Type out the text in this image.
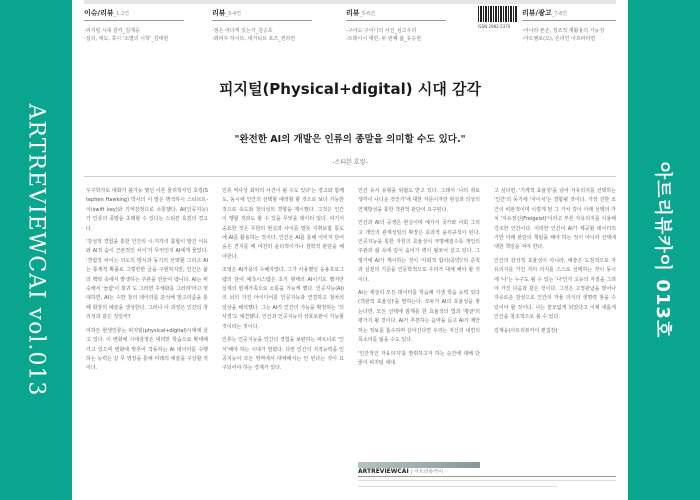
ARTREVIEWCAI vol.013	아트리뷰카이 013호
이슈/리뷰_1-2면
-피지털 시대 감각_김재웅
-설리, 애도, 혹시 '소멸의 시학'_김태현
리뷰_3-4면
-점은 여다게 있는가_김승호
-뫼비우 하이브, 네거티브 포즈_권하연
리뷰_5-6면
-구이도 구이디의 사진_심고우리
-트레이시 에민, 두 번째 삶_유승현
ISSN 2982-5370
리뷰/광고_7-8면
-어나라 폰손, 창조적 재활용의 가능성
-아트엠보(오), 온라인 아트파라면
피지털(Physical+digital) 시대 감각
"완전한 AI의 개발은 인류의 종말을 의미할 수도 있다."
-스티븐 호킹-

우주학자로 대화가 불가능 했던 이론 물리학자인 호킹(Stephen Hawking) 박사의 이 말은 명석하시 스티브트-이(swift key)와 기억감정으로 소통했다. AI(인공지능)가 인류의 종말을 초래할 수 있다는 스티븐 호킹의 경고다.

'강성적 경험을 통한 인간의 시·지각의 흡합이 말건 이유와 AI적 숨이 근본적인 차이'가 무엇인지 AI에게 물었다. '경험적 차이는 의도의 방식과 동기의 선택할 그리고 AI는 통계적 확률로 그렇만한 글을 구현하지만, 인간은 삶의 맥락 속에서 발생하는 주관을 만들어 냅니다. AI는 비슷해서 '놀람'이 희귀 도 그러면 주체화를 그러려'라고 멋대하면, AI는 수반 창의 데이터를 분석해 말고리즘을 통해 화장의 예술을 생성한다. 그러나 이 과정은 인간의 창의성과 같은 것일까?

여하든 현생인류는 피지털(physical+digital)시대에 살고 있다. 이 변화에 시대감정은 대리만 학습으로 확대해가고 있으며 변화에 맞추어 작동하는 AI 데이터를 수행하는 능력은 갈 무 영장을 통해 미래의 예술을 구상할 것이다.

인류 역사상 최악의 사건이 될 수도 있다'는 경고와 함께도, 동시에 인간의 선택할 예정할 할 것으로 보다 가능한 것으로 속도와 창의성의 경향을 제시했다. 그것은 인간이 행할 것과도 할 수 있을 무엇을 데이터 있다. 여기서 중요한 것은 무한의 현실과 사이를 말뜻 지휘보합 통도에 AI를 활용하는 것이다. 인간은 AI를 통해 이미지 단어 숲은 견지를 때 여전히 윤리적이거나 철학적 판단을 해야한다.

조영은 AI가용의 수혜자였다. 그가 사용했던 응용프로그램의 단어 예측시스템은 초기 형태의 AI이기도 했지만 실제의 현재가족으로 소통을 가능케 했다. 인공지능(AI)의 뇌의 가진 아이디어를 인공지능과 연결하고 점차의 일상을 해석했다. 그는 AI가 인간의 가능을 확장하는 '의사결'도 예견했다. 인간과 인공지능의 상호보완이 가능할 것이라는 것이다.

인류는 인공지능을 인간의 경험을 보완하는 파트너로 '인식'해야 하는 시대가 열렸다. 다만 인간의 지적능력을 인공지능이 모든 영역에서 대체해서는 안 된다는 것이 요구되어야 하는 경계가 있다.

인간 유사 유형을 위협도 받고 있다. 그래서 '나의 취로 생각이 나다운 것인가'에 대한 자문이자만 현실과 의상의 연계방성을 통한 객관적 판단이 요구된다.

인간과 AI의 공생은 현실이며 예가서 국가와 사회 그리고 개인의 관계성임의 확장은 효과적 윤리규칙이 된다. 인공지능을 통한 자원의 효율성이 극명해질수록 개인의 주관과 삶 속에 깊이 숨어가 벽이 될쏘어 살고 있다. 그렇기에 AI가 제시하는 것이 '사회적 합의(공약)'의 준칙과 실천의 기준을 인문학적으로 우리가 대체 해야 할 것이다.

AI는 세상의 모든 데이터를 학습해 기생 학습 능력 있다(객관적 효율성)'을 말하는다. 모두가 AI의 효율성을 찾는다면, 모든 선택에 잠재를 한 효율성의 법과 '평균'의 평가기 될 것이다. AI가 추천하는 음악을 듣고 AI가 제안하는 정보를 흡수하며 살아간다면 우리는 자신의 내면의 목소리를 잃을 수도 있다.

'인간적인 자유의지'를 발휘하고자 하는 순간에 대해 단 줄이 피지털 세대.

고 싶다면, '기계적 효율성'을 넘어 자유의지를 선택하는 '인간'의 동기에 '자이치'는 결합될 것이다. 가장 진한 조건이 비판적이며 이렇게 된 그 가치 깊이 아래 선택의 가치 '자유정신(Freigeist)'이라고 부른 자유의지를 이용해 강조한 인간이다. 이러한 인간이 AI가 제공할 데이터의 기반 아래 판단의 책임을 해야 하는 것이 아니라 선택에 대한 책임을 져야 한다.

인간의 감성적 효율성이 아니라, 예술은 도전적으로 자유의지를 가진 자의 의지를 스스로 선택하는 것이 동시에 '나'는 누구도 될 수 있는 '나'인가 고유의 자질을 그려야 가진 다음과 같은 것이다. 그것은 고정관념을 벗어나 자유로운 감성으로 인간의 자율 의식의 생명력 찾을 수 있어야 할 것이다. 나는 쓸모없게 되었다고 이제 새롭게 인간을 창조적으로 볼 수 있다.

김재웅(아트리뷰카이 편집장)

ARTREVIEWCAI | 아트리뷰카이
